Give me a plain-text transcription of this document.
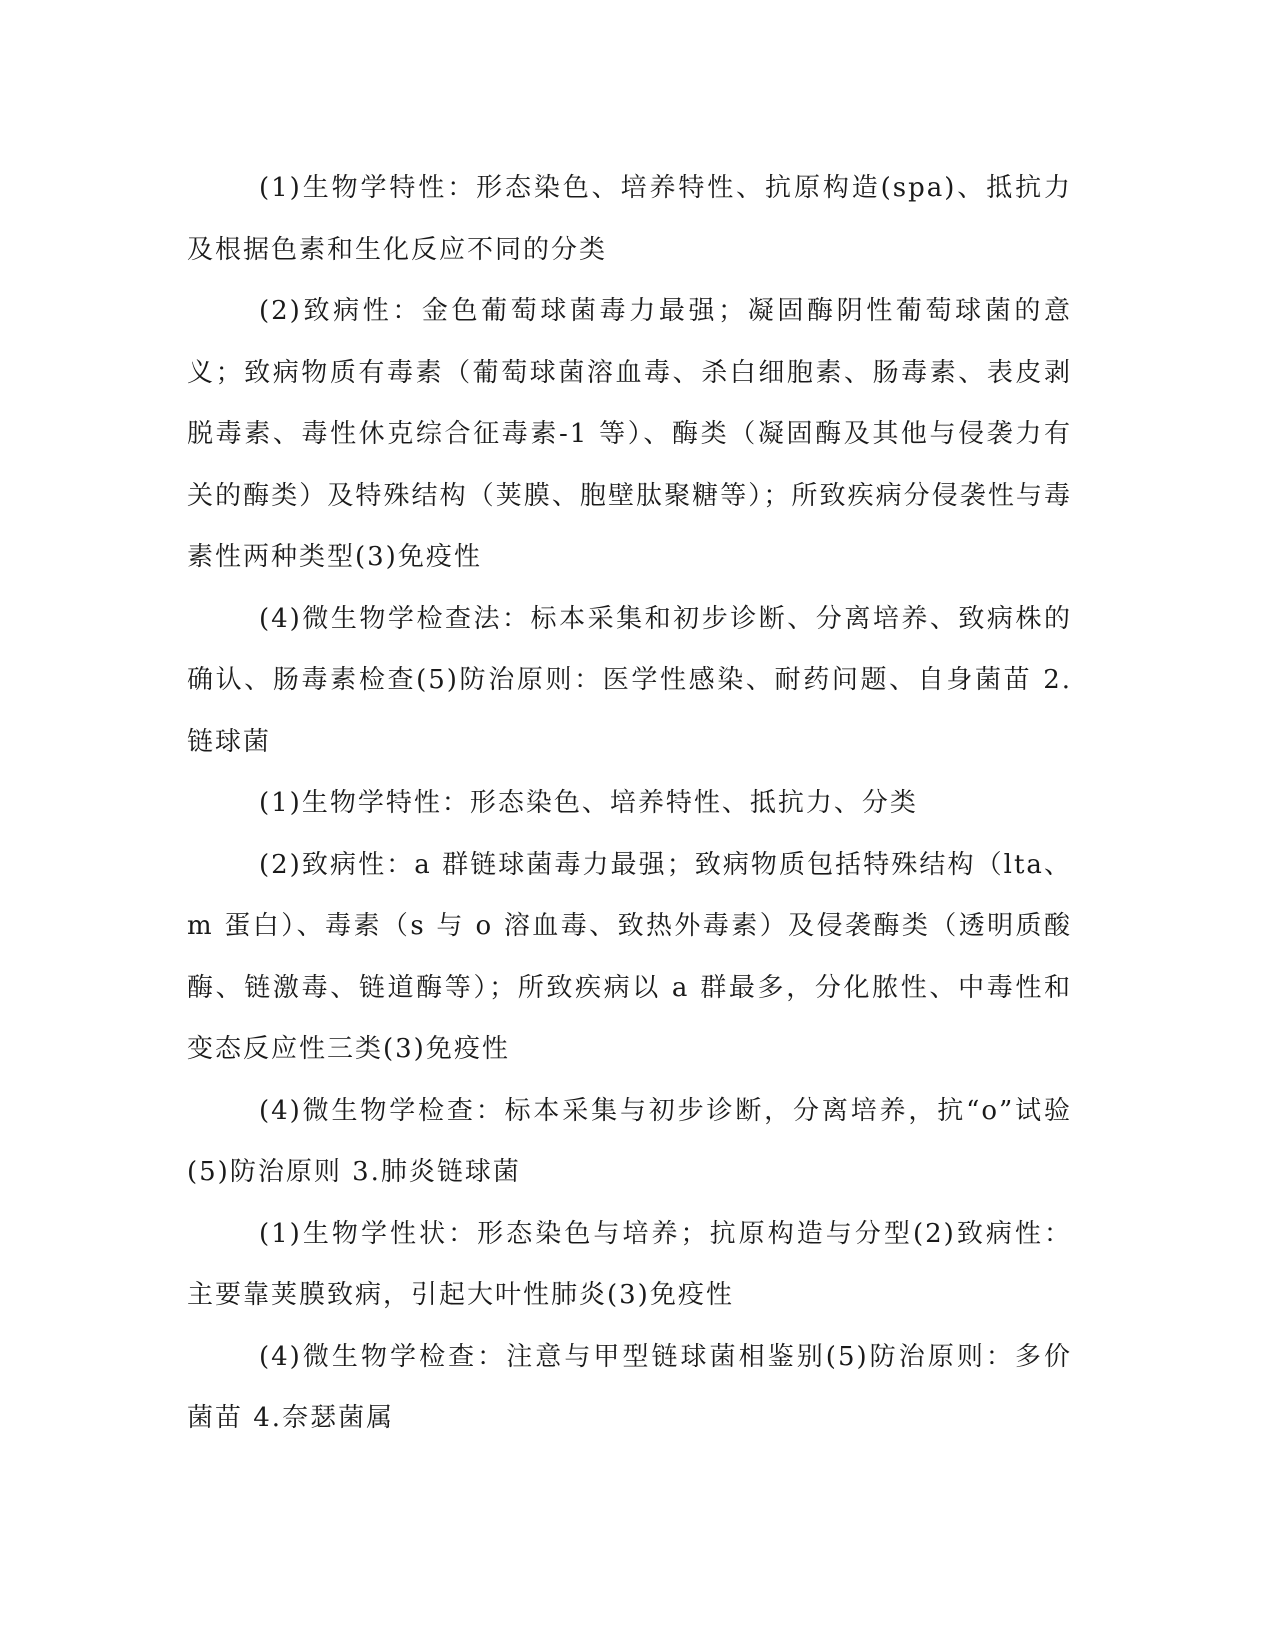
(1)生物学特性：形态染色、培养特性、抗原构造(spa)、抵抗力及根据色素和生化反应不同的分类

(2)致病性：金色葡萄球菌毒力最强；凝固酶阴性葡萄球菌的意义；致病物质有毒素（葡萄球菌溶血毒、杀白细胞素、肠毒素、表皮剥脱毒素、毒性休克综合征毒素-1 等）、酶类（凝固酶及其他与侵袭力有关的酶类）及特殊结构（荚膜、胞壁肽聚糖等）；所致疾病分侵袭性与毒素性两种类型(3)免疫性

(4)微生物学检查法：标本采集和初步诊断、分离培养、致病株的确认、肠毒素检查(5)防治原则：医学性感染、耐药问题、自身菌苗 2.链球菌

(1)生物学特性：形态染色、培养特性、抵抗力、分类

(2)致病性：a 群链球菌毒力最强；致病物质包括特殊结构（lta、m 蛋白）、毒素（s 与 o 溶血毒、致热外毒素）及侵袭酶类（透明质酸酶、链激毒、链道酶等）；所致疾病以 a 群最多，分化脓性、中毒性和变态反应性三类(3)免疫性

(4)微生物学检查：标本采集与初步诊断，分离培养，抗“o”试验(5)防治原则 3.肺炎链球菌

(1)生物学性状：形态染色与培养；抗原构造与分型(2)致病性：主要靠荚膜致病，引起大叶性肺炎(3)免疫性

(4)微生物学检查：注意与甲型链球菌相鉴别(5)防治原则：多价菌苗 4.奈瑟菌属
